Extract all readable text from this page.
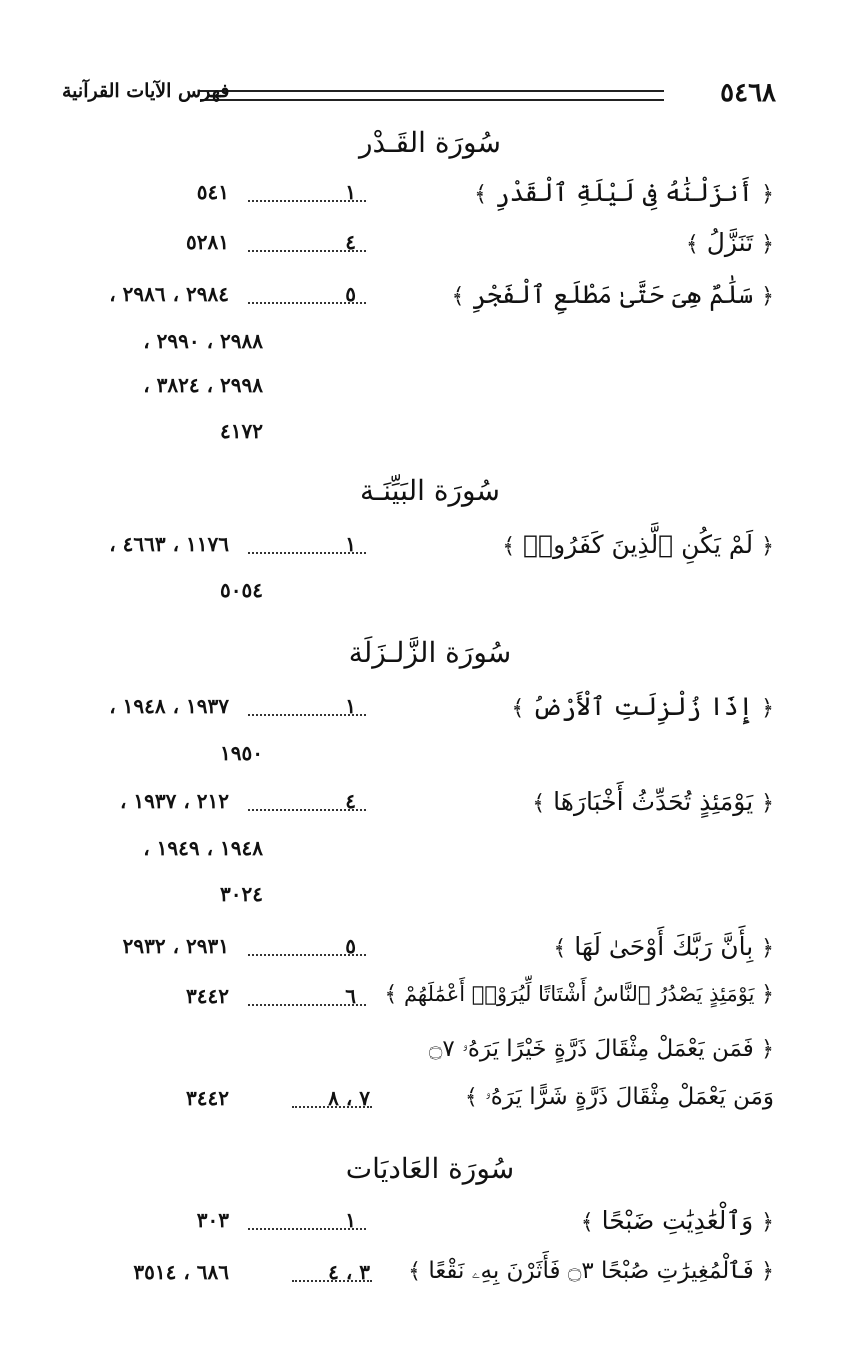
٥٤٦٨
فهرس الآيات القرآنية
سُورَة القَـدْر
﴿ أَنزَلْنَٰهُ فِى لَيْلَةِ ٱلْقَدْرِ ﴾
١
٥٤١
﴿ تَنَزَّلُ ﴾
٤
٥٢٨١
﴿ سَلَٰمٌ هِىَ حَتَّىٰ مَطْلَعِ ٱلْفَجْرِ ﴾
٥
٢٩٨٤ ، ٢٩٨٦ ،
٢٩٨٨ ، ٢٩٩٠ ،
٢٩٩٨ ، ٣٨٢٤ ،
٤١٧٢
سُورَة البَيِّنَـة
﴿ لَمْ يَكُنِ ٱلَّذِينَ كَفَرُوا۟ ﴾
١
١١٧٦ ، ٤٦٦٣ ،
٥٠٥٤
سُورَة الزَّلـزَلَة
﴿ إِذَا زُلْزِلَتِ ٱلْأَرْضُ ﴾
١
١٩٣٧ ، ١٩٤٨ ،
١٩٥٠
﴿ يَوْمَئِذٍ تُحَدِّثُ أَخْبَارَهَا ﴾
٤
٢١٢ ، ١٩٣٧ ،
١٩٤٨ ، ١٩٤٩ ،
٣٠٢٤
﴿ بِأَنَّ رَبَّكَ أَوْحَىٰ لَهَا ﴾
٥
٢٩٣١ ، ٢٩٣٢
﴿ يَوْمَئِذٍ يَصْدُرُ ٱلنَّاسُ أَشْتَاتًا لِّيُرَوْا۟ أَعْمَٰلَهُمْ ﴾
٦
٣٤٤٢
﴿ فَمَن يَعْمَلْ مِثْقَالَ ذَرَّةٍ خَيْرًا يَرَهُۥ ۝٧
وَمَن يَعْمَلْ مِثْقَالَ ذَرَّةٍ شَرًّا يَرَهُۥ ﴾
٧ ، ٨
٣٤٤٢
سُورَة العَاديَات
﴿ وَٱلْعَٰدِيَٰتِ ضَبْحًا ﴾
١
٣٠٣
﴿ فَٱلْمُغِيرَٰتِ صُبْحًا ۝٣ فَأَثَرْنَ بِهِۦ نَقْعًا ﴾
٣ ، ٤
٦٨٦ ، ٣٥١٤
